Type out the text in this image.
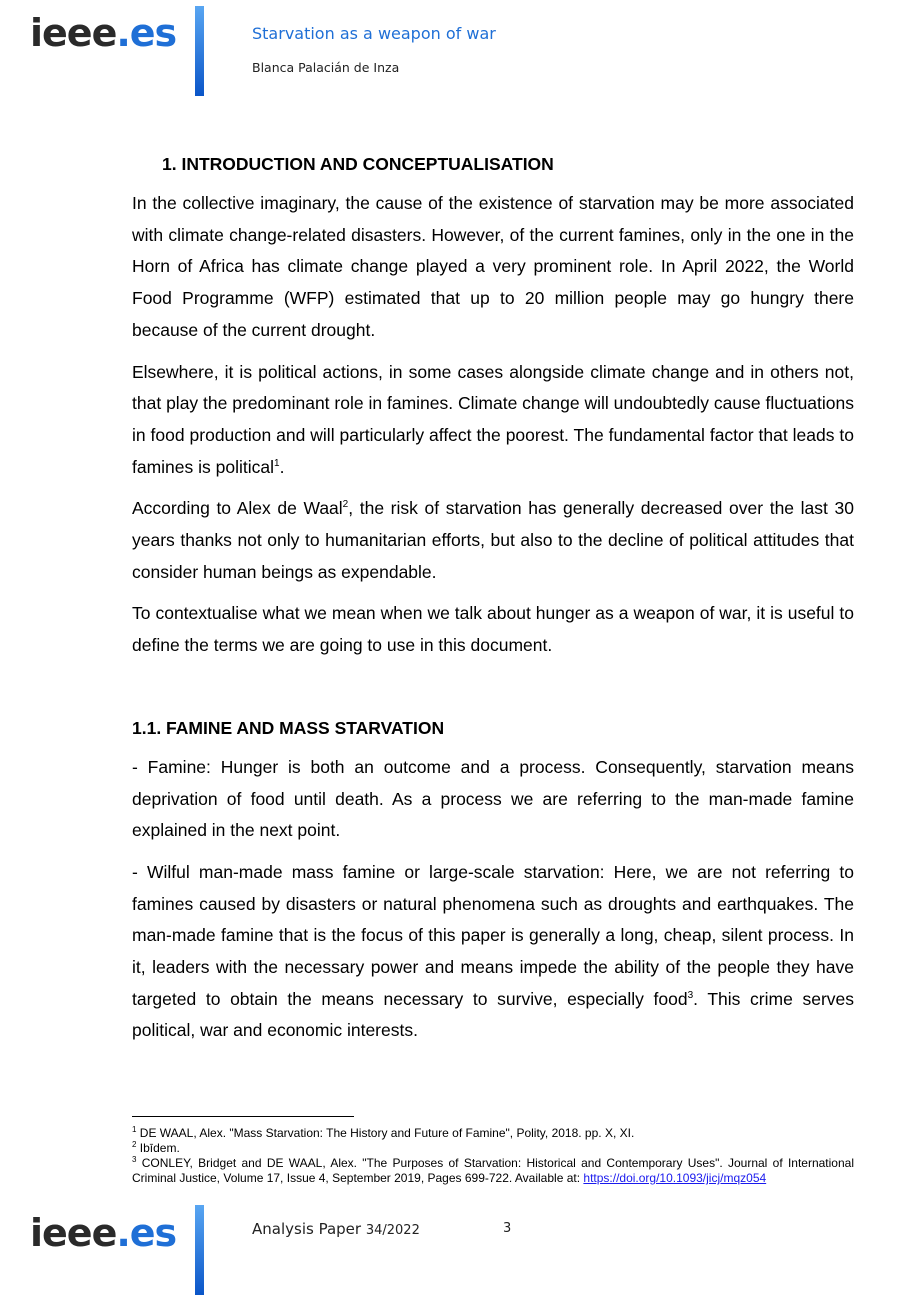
ieee.es	Starvation as a weapon of war
Blanca Palacián de Inza
1. INTRODUCTION AND CONCEPTUALISATION

In the collective imaginary, the cause of the existence of starvation may be more associated with climate change-related disasters. However, of the current famines, only in the one in the Horn of Africa has climate change played a very prominent role. In April 2022, the World Food Programme (WFP) estimated that up to 20 million people may go hungry there because of the current drought.

Elsewhere, it is political actions, in some cases alongside climate change and in others not, that play the predominant role in famines. Climate change will undoubtedly cause fluctuations in food production and will particularly affect the poorest. The fundamental factor that leads to famines is political$^1$.

According to Alex de Waal$^2$, the risk of starvation has generally decreased over the last 30 years thanks not only to humanitarian efforts, but also to the decline of political attitudes that consider human beings as expendable.

To contextualise what we mean when we talk about hunger as a weapon of war, it is useful to define the terms we are going to use in this document.

1.1. FAMINE AND MASS STARVATION

- Famine: Hunger is both an outcome and a process. Consequently, starvation means deprivation of food until death. As a process we are referring to the man-made famine explained in the next point.

- Wilful man-made mass famine or large-scale starvation: Here, we are not referring to famines caused by disasters or natural phenomena such as droughts and earthquakes. The man-made famine that is the focus of this paper is generally a long, cheap, silent process. In it, leaders with the necessary power and means impede the ability of the people they have targeted to obtain the means necessary to survive, especially food$^3$. This crime serves political, war and economic interests.

$^1$ DE WAAL, Alex. "Mass Starvation: The History and Future of Famine", Polity, 2018. pp. X, XI.
$^2$ Ibīdem.
$^3$ CONLEY, Bridget and DE WAAL, Alex. "The Purposes of Starvation: Historical and Contemporary Uses". Journal of International Criminal Justice, Volume 17, Issue 4, September 2019, Pages 699-722. Available at: https://doi.org/10.1093/jicj/mqz054
ieee.es	Analysis Paper 34/2022	3
